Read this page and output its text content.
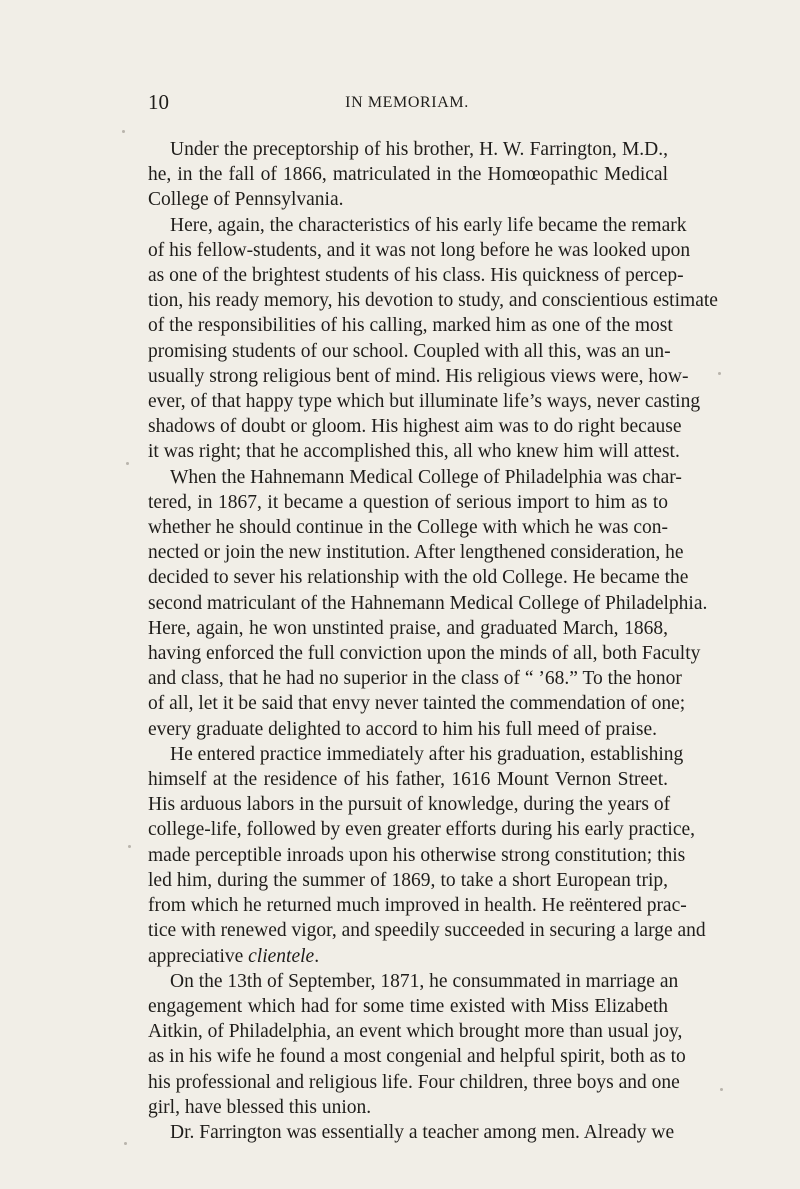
10	IN MEMORIAM.
Under the preceptorship of his brother, H. W. Farrington, M.D.,
he, in the fall of 1866, matriculated in the Homœopathic Medical
College of Pennsylvania.
Here, again, the characteristics of his early life became the remark
of his fellow-students, and it was not long before he was looked upon
as one of the brightest students of his class. His quickness of percep-
tion, his ready memory, his devotion to study, and conscientious estimate
of the responsibilities of his calling, marked him as one of the most
promising students of our school. Coupled with all this, was an un-
usually strong religious bent of mind. His religious views were, how-
ever, of that happy type which but illuminate life’s ways, never casting
shadows of doubt or gloom. His highest aim was to do right because
it was right; that he accomplished this, all who knew him will attest.
When the Hahnemann Medical College of Philadelphia was char-
tered, in 1867, it became a question of serious import to him as to
whether he should continue in the College with which he was con-
nected or join the new institution. After lengthened consideration, he
decided to sever his relationship with the old College. He became the
second matriculant of the Hahnemann Medical College of Philadelphia.
Here, again, he won unstinted praise, and graduated March, 1868,
having enforced the full conviction upon the minds of all, both Faculty
and class, that he had no superior in the class of “ ’68.” To the honor
of all, let it be said that envy never tainted the commendation of one;
every graduate delighted to accord to him his full meed of praise.
He entered practice immediately after his graduation, establishing
himself at the residence of his father, 1616 Mount Vernon Street.
His arduous labors in the pursuit of knowledge, during the years of
college-life, followed by even greater efforts during his early practice,
made perceptible inroads upon his otherwise strong constitution; this
led him, during the summer of 1869, to take a short European trip,
from which he returned much improved in health. He reëntered prac-
tice with renewed vigor, and speedily succeeded in securing a large and
appreciative clientele.
On the 13th of September, 1871, he consummated in marriage an
engagement which had for some time existed with Miss Elizabeth
Aitkin, of Philadelphia, an event which brought more than usual joy,
as in his wife he found a most congenial and helpful spirit, both as to
his professional and religious life. Four children, three boys and one
girl, have blessed this union.
Dr. Farrington was essentially a teacher among men. Already we
